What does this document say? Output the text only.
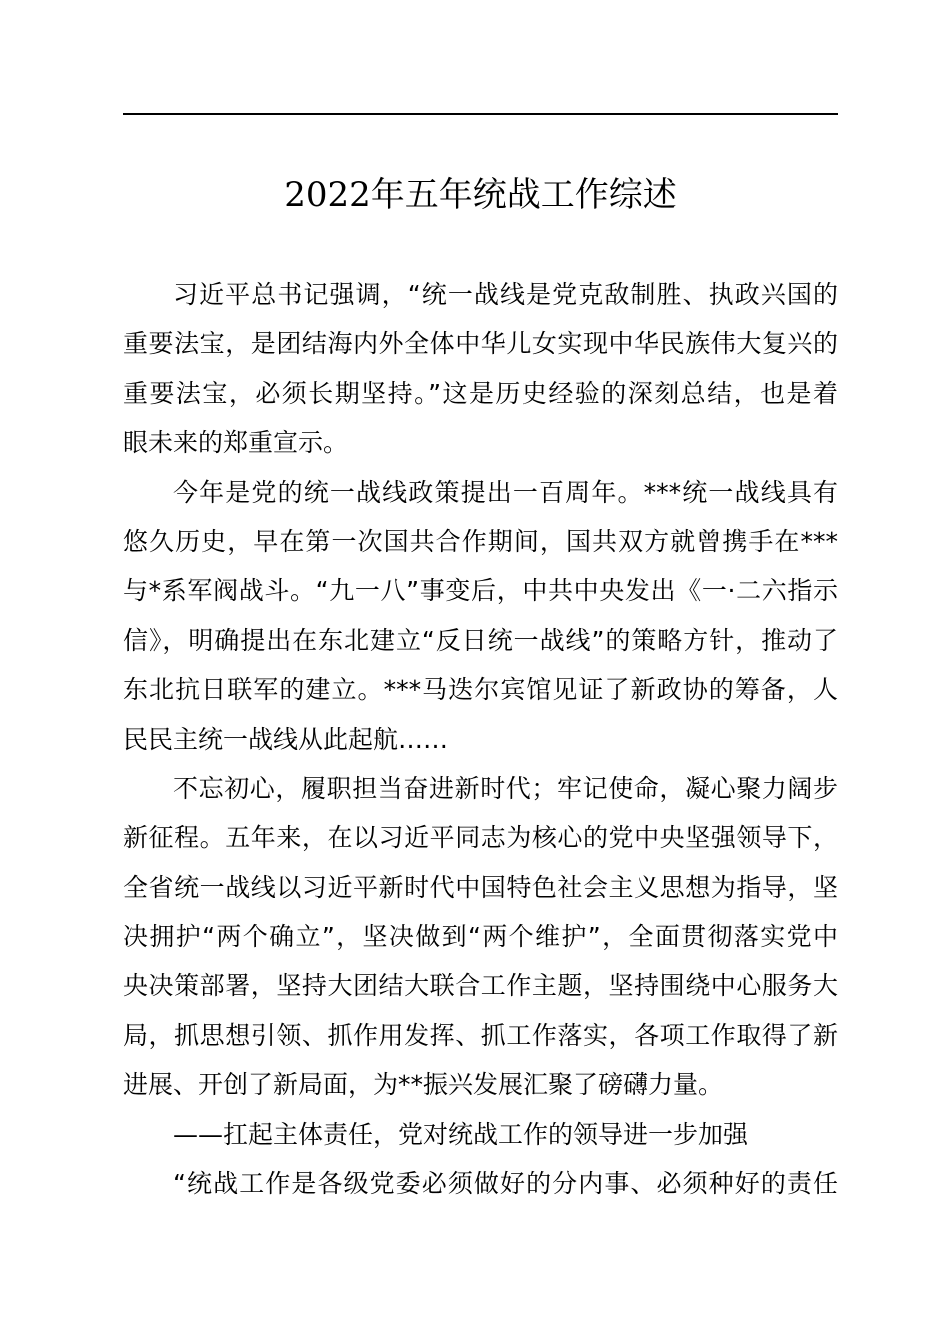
2022年五年统战工作综述
习近平总书记强调，“统一战线是党克敌制胜、执政兴国的
重要法宝，是团结海内外全体中华儿女实现中华民族伟大复兴的
重要法宝，必须长期坚持。”这是历史经验的深刻总结，也是着
眼未来的郑重宣示。
今年是党的统一战线政策提出一百周年。***统一战线具有
悠久历史，早在第一次国共合作期间，国共双方就曾携手在***
与*系军阀战斗。“九一八”事变后，中共中央发出《一·二六指示
信》，明确提出在东北建立“反日统一战线”的策略方针，推动了
东北抗日联军的建立。***马迭尔宾馆见证了新政协的筹备，人
民民主统一战线从此起航……
不忘初心，履职担当奋进新时代；牢记使命，凝心聚力阔步
新征程。五年来，在以习近平同志为核心的党中央坚强领导下，
全省统一战线以习近平新时代中国特色社会主义思想为指导，坚
决拥护“两个确立”，坚决做到“两个维护”，全面贯彻落实党中
央决策部署，坚持大团结大联合工作主题，坚持围绕中心服务大
局，抓思想引领、抓作用发挥、抓工作落实，各项工作取得了新
进展、开创了新局面，为**振兴发展汇聚了磅礴力量。
——扛起主体责任，党对统战工作的领导进一步加强
“统战工作是各级党委必须做好的分内事、必须种好的责任
